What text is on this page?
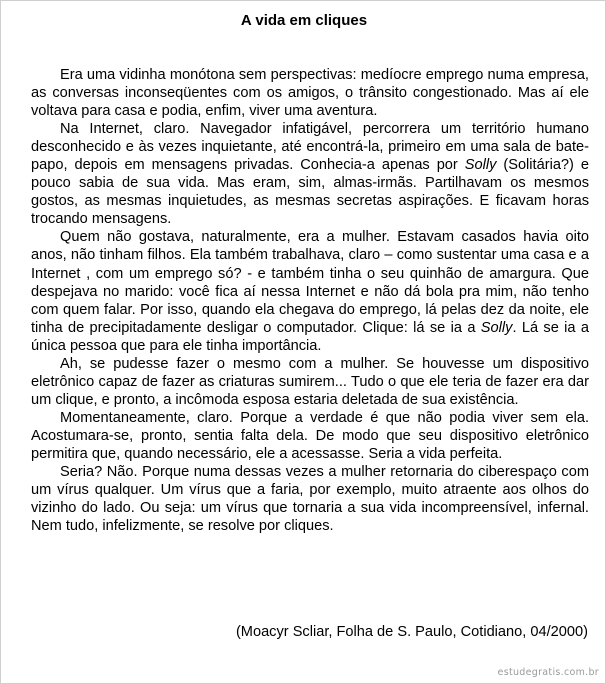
A vida em cliques

Era uma vidinha monótona sem perspectivas: medíocre emprego numa empresa, as conversas inconseqüentes com os amigos, o trânsito congestionado. Mas aí ele voltava para casa e podia, enfim, viver uma aventura.

Na Internet, claro. Navegador infatigável, percorrera um território humano desconhecido e às vezes inquietante, até encontrá-la, primeiro em uma sala de bate-papo, depois em mensagens privadas. Conhecia-a apenas por Solly (Solitária?) e pouco sabia de sua vida. Mas eram, sim, almas-irmãs. Partilhavam os mesmos gostos, as mesmas inquietudes, as mesmas secretas aspirações. E ficavam horas trocando mensagens.

Quem não gostava, naturalmente, era a mulher. Estavam casados havia oito anos, não tinham filhos. Ela também trabalhava, claro – como sustentar uma casa e a Internet , com um emprego só? - e também tinha o seu quinhão de amargura. Que despejava no marido: você fica aí nessa Internet e não dá bola pra mim, não tenho com quem falar. Por isso, quando ela chegava do emprego, lá pelas dez da noite, ele tinha de precipitadamente desligar o computador. Clique: lá se ia a Solly. Lá se ia a única pessoa que para ele tinha importância.

Ah, se pudesse fazer o mesmo com a mulher. Se houvesse um dispositivo eletrônico capaz de fazer as criaturas sumirem... Tudo o que ele teria de fazer era dar um clique, e pronto, a incômoda esposa estaria deletada de sua existência.

Momentaneamente, claro. Porque a verdade é que não podia viver sem ela. Acostumara-se, pronto, sentia falta dela. De modo que seu dispositivo eletrônico permitira que, quando necessário, ele a acessasse. Seria a vida perfeita.

Seria? Não. Porque numa dessas vezes a mulher retornaria do ciberespaço com um vírus qualquer. Um vírus que a faria, por exemplo, muito atraente aos olhos do vizinho do lado. Ou seja: um vírus que tornaria a sua vida incompreensível, infernal. Nem tudo, infelizmente, se resolve por cliques.

(Moacyr Scliar, Folha de S. Paulo, Cotidiano, 04/2000)
estudegratis.com.br
